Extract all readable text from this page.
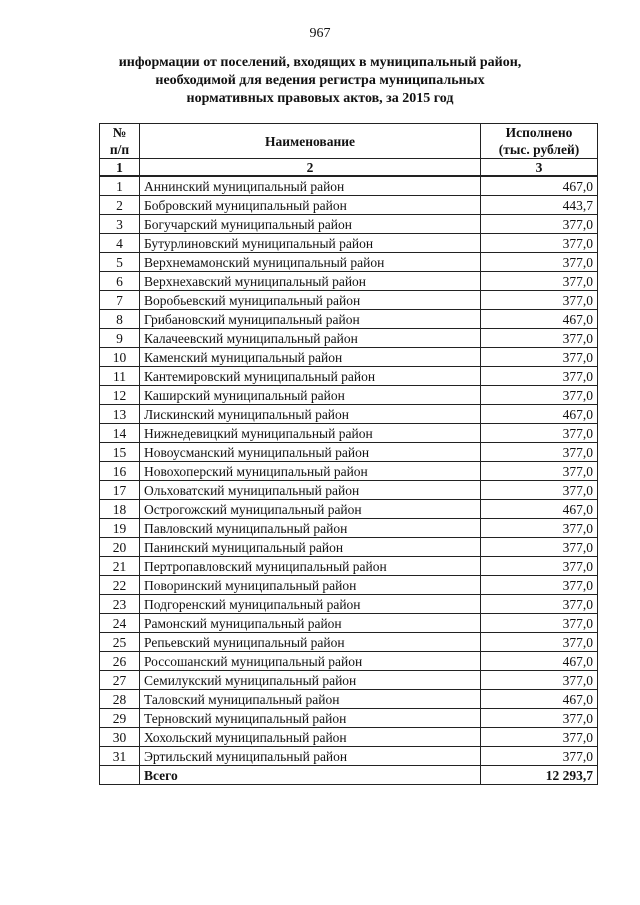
967
информации от поселений, входящих в муниципальный район,
необходимой для ведения регистра муниципальных
нормативных правовых актов, за 2015 год
№
п/п	Наименование	Исполнено
(тыс. рублей)
1	2	3
1	Аннинский муниципальный район	467,0
2	Бобровский муниципальный район	443,7
3	Богучарский муниципальный район	377,0
4	Бутурлиновский муниципальный район	377,0
5	Верхнемамонский муниципальный район	377,0
6	Верхнехавский муниципальный район	377,0
7	Воробьевский муниципальный район	377,0
8	Грибановский муниципальный район	467,0
9	Калачеевский муниципальный район	377,0
10	Каменский муниципальный район	377,0
11	Кантемировский муниципальный район	377,0
12	Каширский муниципальный район	377,0
13	Лискинский муниципальный район	467,0
14	Нижнедевицкий муниципальный район	377,0
15	Новоусманский муниципальный район	377,0
16	Новохоперский муниципальный район	377,0
17	Ольховатский муниципальный район	377,0
18	Острогожский муниципальный район	467,0
19	Павловский муниципальный район	377,0
20	Панинский муниципальный район	377,0
21	Пертропавловский муниципальный район	377,0
22	Поворинский муниципальный район	377,0
23	Подгоренский муниципальный район	377,0
24	Рамонский муниципальный район	377,0
25	Репьевский муниципальный район	377,0
26	Россошанский муниципальный район	467,0
27	Семилукский муниципальный район	377,0
28	Таловский муниципальный район	467,0
29	Терновский муниципальный район	377,0
30	Хохольский муниципальный район	377,0
31	Эртильский муниципальный район	377,0
	Всего	12 293,7
